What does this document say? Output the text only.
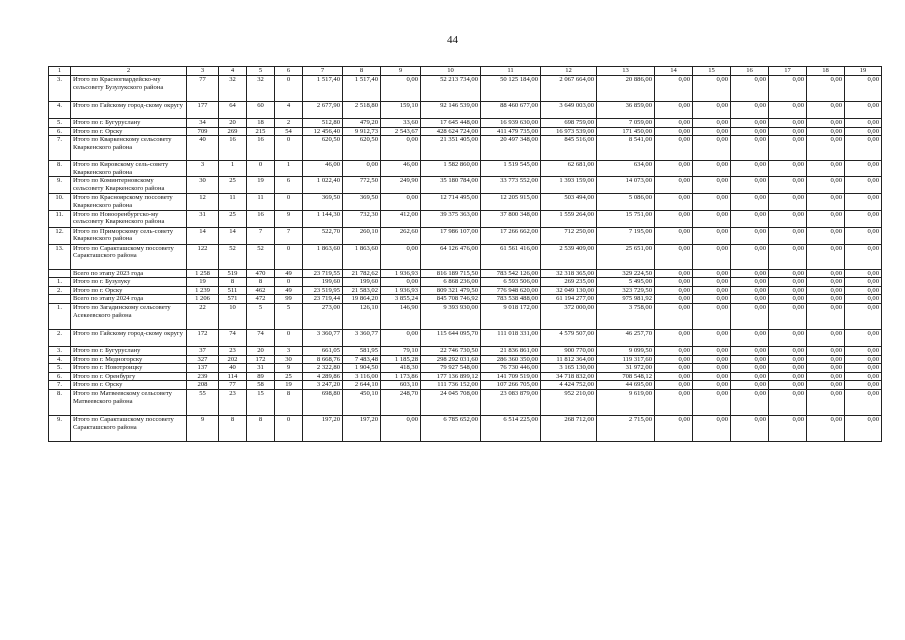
44
1	2	3	4	5	6	7	8	9	10	11	12	13	14	15	16	17	18	19
3.	Итого по Красногвардейско-му сельсовету Бузулукского района	77	32	32	0	1 517,40	1 517,40	0,00	52 213 734,00	50 125 184,00	2 067 664,00	20 886,00	0,00	0,00	0,00	0,00	0,00	0,00
4.	Итого по Гайскому город-скому округу	177	64	60	4	2 677,90	2 518,80	159,10	92 146 539,00	88 460 677,00	3 649 003,00	36 859,00	0,00	0,00	0,00	0,00	0,00	0,00
5.	Итого по г. Бугуруслану	34	20	18	2	512,80	479,20	33,60	17 645 448,00	16 939 630,00	698 759,00	7 059,00	0,00	0,00	0,00	0,00	0,00	0,00
6.	Итого по г. Орску	709	269	215	54	12 456,40	9 912,73	2 543,67	428 624 724,00	411 479 735,00	16 973 539,00	171 450,00	0,00	0,00	0,00	0,00	0,00	0,00
7.	Итого по Кваркенскому сельсовету Кваркенского района	40	16	16	0	620,50	620,50	0,00	21 351 405,00	20 497 348,00	845 516,00	8 541,00	0,00	0,00	0,00	0,00	0,00	0,00
8.	Итого по Кировскому сель-совету Кваркенского района	3	1	0	1	46,00	0,00	46,00	1 582 860,00	1 519 545,00	62 681,00	634,00	0,00	0,00	0,00	0,00	0,00	0,00
9.	Итого по Коминтерновскому сельсовету Кваркенского района	30	25	19	6	1 022,40	772,50	249,90	35 180 784,00	33 773 552,00	1 393 159,00	14 073,00	0,00	0,00	0,00	0,00	0,00	0,00
10.	Итого по Красноярскому поссовету Кваркенского района	12	11	11	0	369,50	369,50	0,00	12 714 495,00	12 205 915,00	503 494,00	5 086,00	0,00	0,00	0,00	0,00	0,00	0,00
11.	Итого по Новооренбургско-му сельсовету Кваркенского района	31	25	16	9	1 144,30	732,30	412,00	39 375 363,00	37 800 348,00	1 559 264,00	15 751,00	0,00	0,00	0,00	0,00	0,00	0,00
12.	Итого по Приморскому сель-совету Кваркенского района	14	14	7	7	522,70	260,10	262,60	17 986 107,00	17 266 662,00	712 250,00	7 195,00	0,00	0,00	0,00	0,00	0,00	0,00
13.	Итого по Саракташскому поссовету Саракташского района	122	52	52	0	1 863,60	1 863,60	0,00	64 126 476,00	61 561 416,00	2 539 409,00	25 651,00	0,00	0,00	0,00	0,00	0,00	0,00
	Всего по этапу 2023 года	1 258	519	470	49	23 719,55	21 782,62	1 936,93	816 189 715,50	783 542 126,00	32 318 365,00	329 224,50	0,00	0,00	0,00	0,00	0,00	0,00
1.	Итого по г. Бузулуку	19	8	8	0	199,60	199,60	0,00	6 868 236,00	6 593 506,00	269 235,00	5 495,00	0,00	0,00	0,00	0,00	0,00	0,00
2.	Итого по г. Орску	1 239	511	462	49	23 519,95	21 583,02	1 936,93	809 321 479,50	776 948 620,00	32 049 130,00	323 729,50	0,00	0,00	0,00	0,00	0,00	0,00
	Всего по этапу 2024 года	1 206	571	472	99	23 719,44	19 864,20	3 855,24	845 708 746,92	783 538 488,00	61 194 277,00	975 981,92	0,00	0,00	0,00	0,00	0,00	0,00
1.	Итого по Загадинскому сельсовету Асекеевского района	22	10	5	5	273,00	126,10	146,90	9 393 930,00	9 018 172,00	372 000,00	3 758,00	0,00	0,00	0,00	0,00	0,00	0,00
2.	Итого по Гайскому город-скому округу	172	74	74	0	3 360,77	3 360,77	0,00	115 644 095,70	111 018 331,00	4 579 507,00	46 257,70	0,00	0,00	0,00	0,00	0,00	0,00
3.	Итого по г. Бугуруслану	37	23	20	3	661,05	581,95	79,10	22 746 730,50	21 836 861,00	900 770,00	9 099,50	0,00	0,00	0,00	0,00	0,00	0,00
4.	Итого по г. Медногорску	327	202	172	30	8 668,76	7 483,48	1 185,28	298 292 031,60	286 360 350,00	11 812 364,00	119 317,60	0,00	0,00	0,00	0,00	0,00	0,00
5.	Итого по г. Новотроицку	137	40	31	9	2 322,80	1 904,50	418,30	79 927 548,00	76 730 446,00	3 165 130,00	31 972,00	0,00	0,00	0,00	0,00	0,00	0,00
6.	Итого по г. Оренбургу	239	114	89	25	4 289,86	3 116,00	1 173,86	177 136 899,12	141 709 519,00	34 718 832,00	708 548,12	0,00	0,00	0,00	0,00	0,00	0,00
7.	Итого по г. Орску	208	77	58	19	3 247,20	2 644,10	603,10	111 736 152,00	107 266 705,00	4 424 752,00	44 695,00	0,00	0,00	0,00	0,00	0,00	0,00
8.	Итого по Матвеевскому сельсовету Матвеевского района	55	23	15	8	698,80	450,10	248,70	24 045 708,00	23 083 879,00	952 210,00	9 619,00	0,00	0,00	0,00	0,00	0,00	0,00
9.	Итого по Саракташскому поссовету Саракташского района	9	8	8	0	197,20	197,20	0,00	6 785 652,00	6 514 225,00	268 712,00	2 715,00	0,00	0,00	0,00	0,00	0,00	0,00
